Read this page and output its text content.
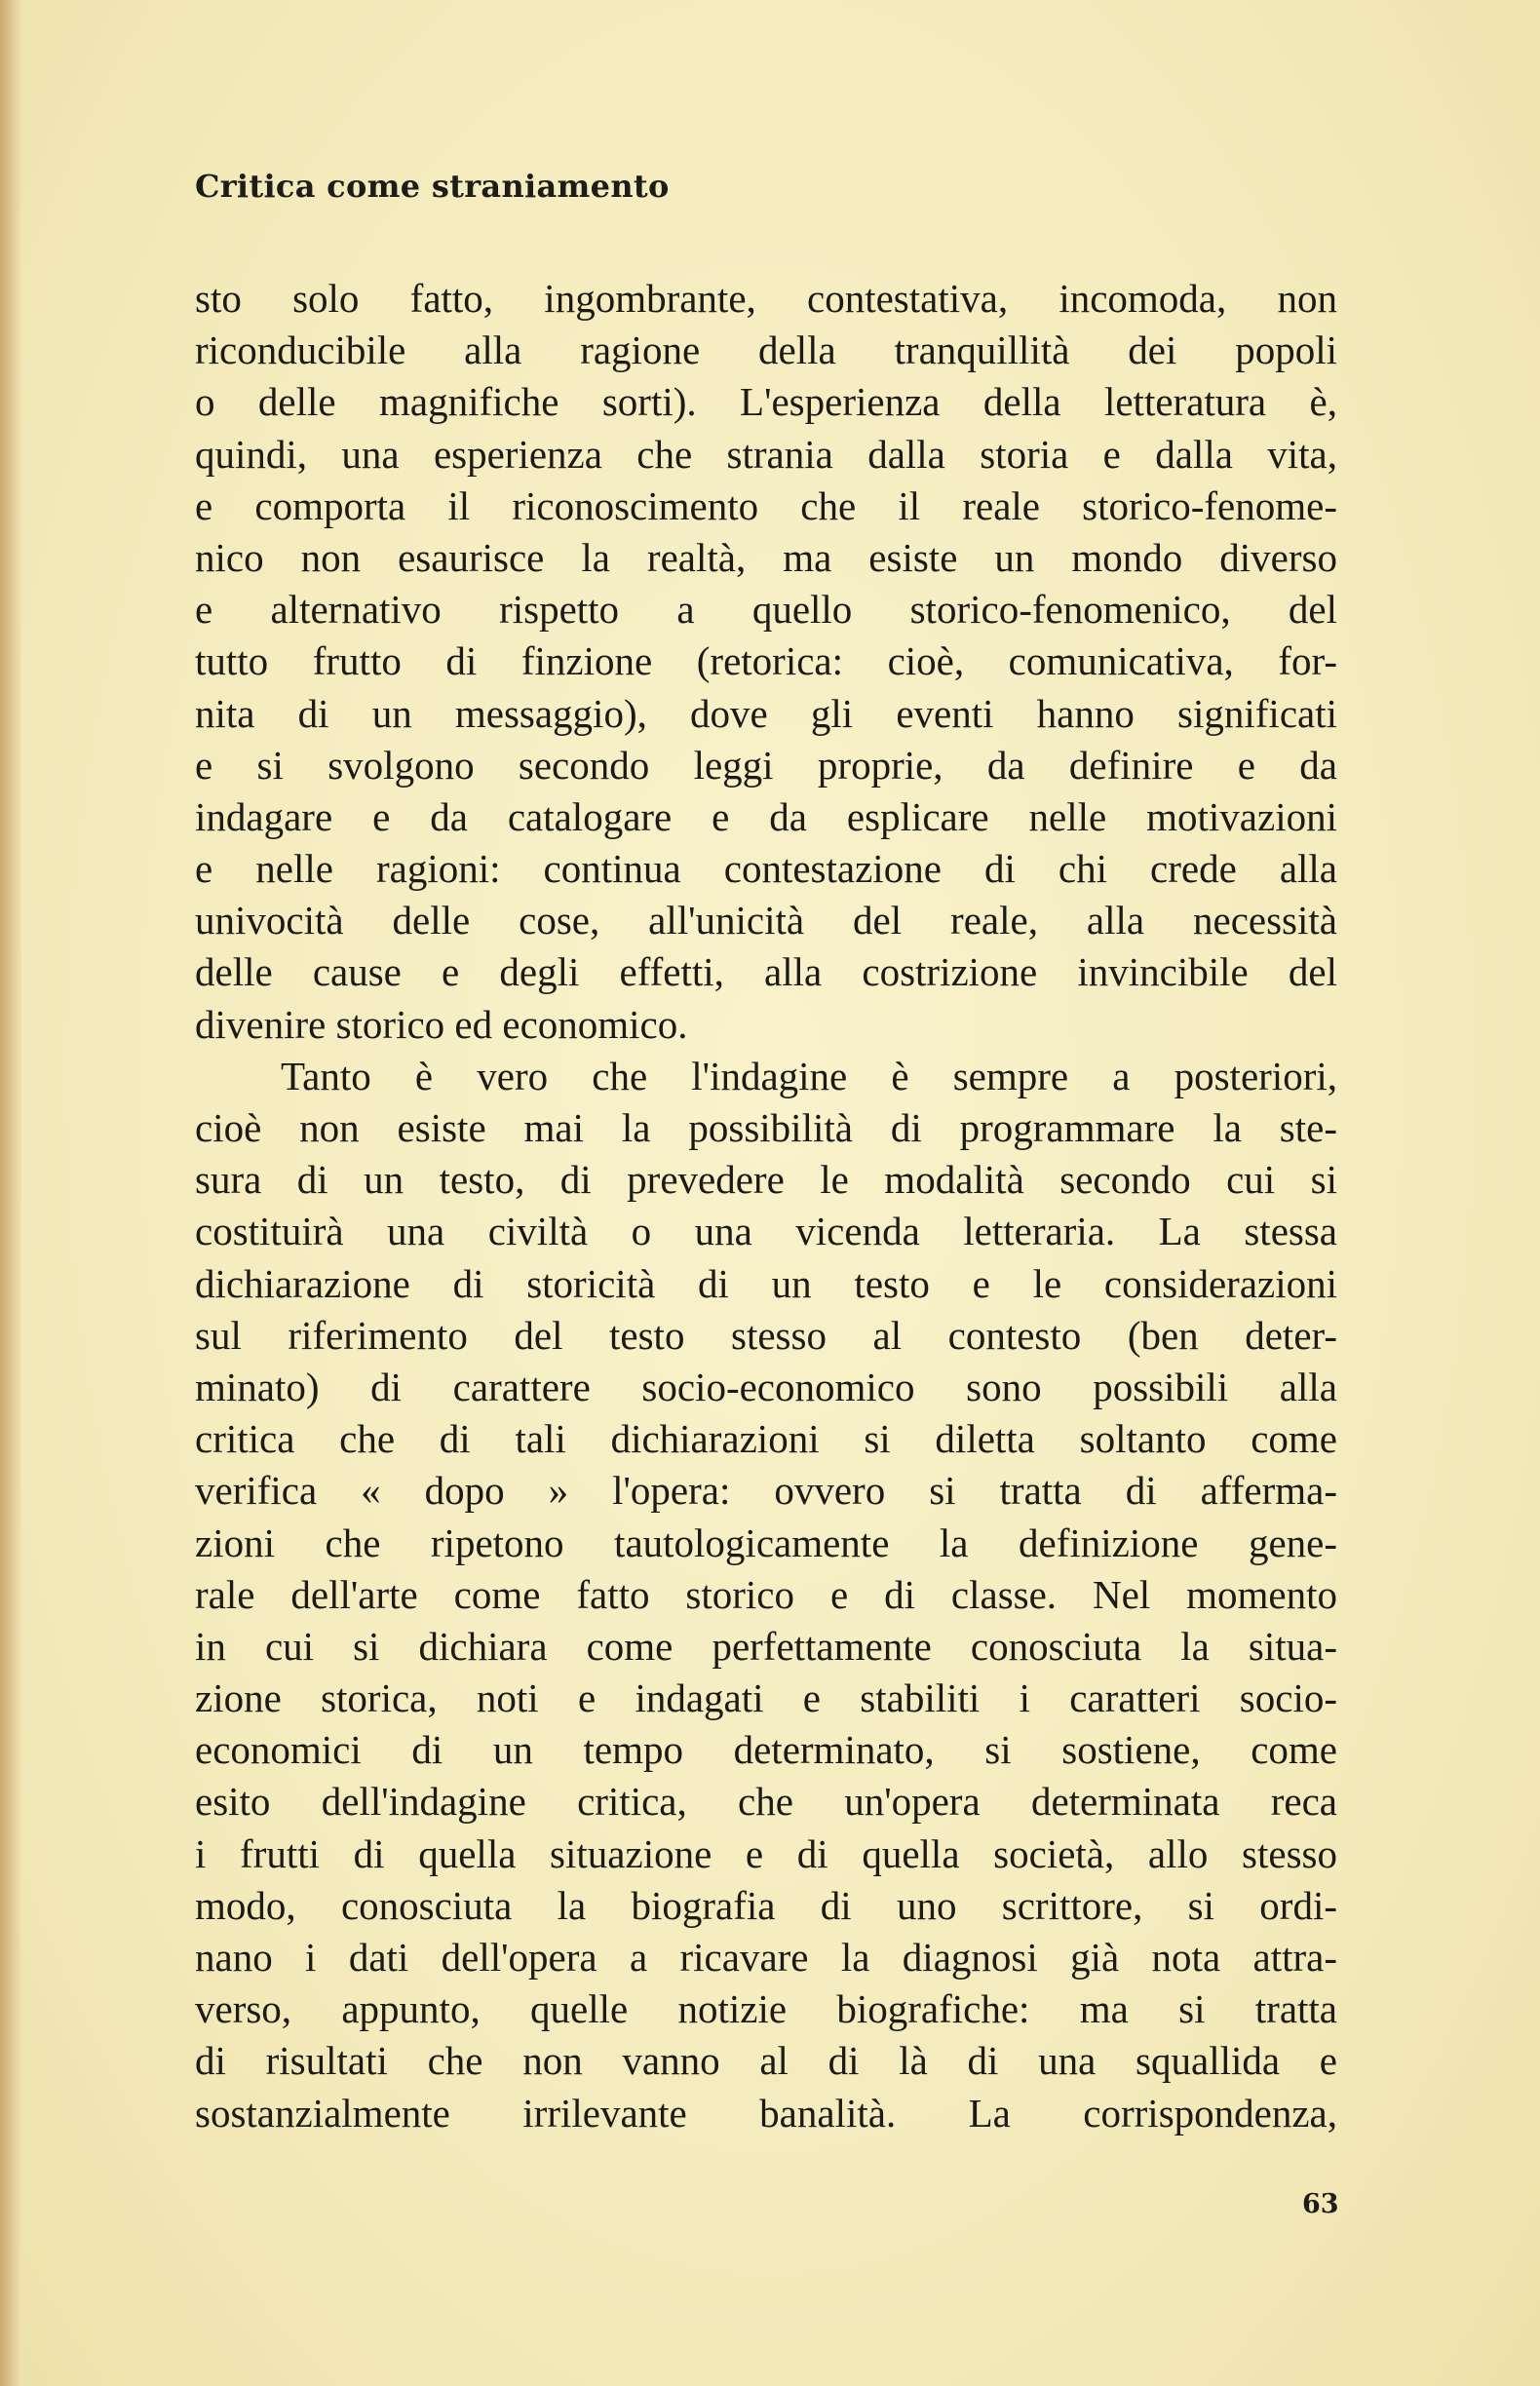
Critica come straniamento
sto solo fatto, ingombrante, contestativa, incomoda, non
riconducibile alla ragione della tranquillità dei popoli
o delle magnifiche sorti). L'esperienza della letteratura è,
quindi, una esperienza che strania dalla storia e dalla vita,
e comporta il riconoscimento che il reale storico-fenome-
nico non esaurisce la realtà, ma esiste un mondo diverso
e alternativo rispetto a quello storico-fenomenico, del
tutto frutto di finzione (retorica: cioè, comunicativa, for-
nita di un messaggio), dove gli eventi hanno significati
e si svolgono secondo leggi proprie, da definire e da
indagare e da catalogare e da esplicare nelle motivazioni
e nelle ragioni: continua contestazione di chi crede alla
univocità delle cose, all'unicità del reale, alla necessità
delle cause e degli effetti, alla costrizione invincibile del
divenire storico ed economico.
Tanto è vero che l'indagine è sempre a posteriori,
cioè non esiste mai la possibilità di programmare la ste-
sura di un testo, di prevedere le modalità secondo cui si
costituirà una civiltà o una vicenda letteraria. La stessa
dichiarazione di storicità di un testo e le considerazioni
sul riferimento del testo stesso al contesto (ben deter-
minato) di carattere socio-economico sono possibili alla
critica che di tali dichiarazioni si diletta soltanto come
verifica « dopo » l'opera: ovvero si tratta di afferma-
zioni che ripetono tautologicamente la definizione gene-
rale dell'arte come fatto storico e di classe. Nel momento
in cui si dichiara come perfettamente conosciuta la situa-
zione storica, noti e indagati e stabiliti i caratteri socio-
economici di un tempo determinato, si sostiene, come
esito dell'indagine critica, che un'opera determinata reca
i frutti di quella situazione e di quella società, allo stesso
modo, conosciuta la biografia di uno scrittore, si ordi-
nano i dati dell'opera a ricavare la diagnosi già nota attra-
verso, appunto, quelle notizie biografiche: ma si tratta
di risultati che non vanno al di là di una squallida e
sostanzialmente irrilevante banalità. La corrispondenza,
63
